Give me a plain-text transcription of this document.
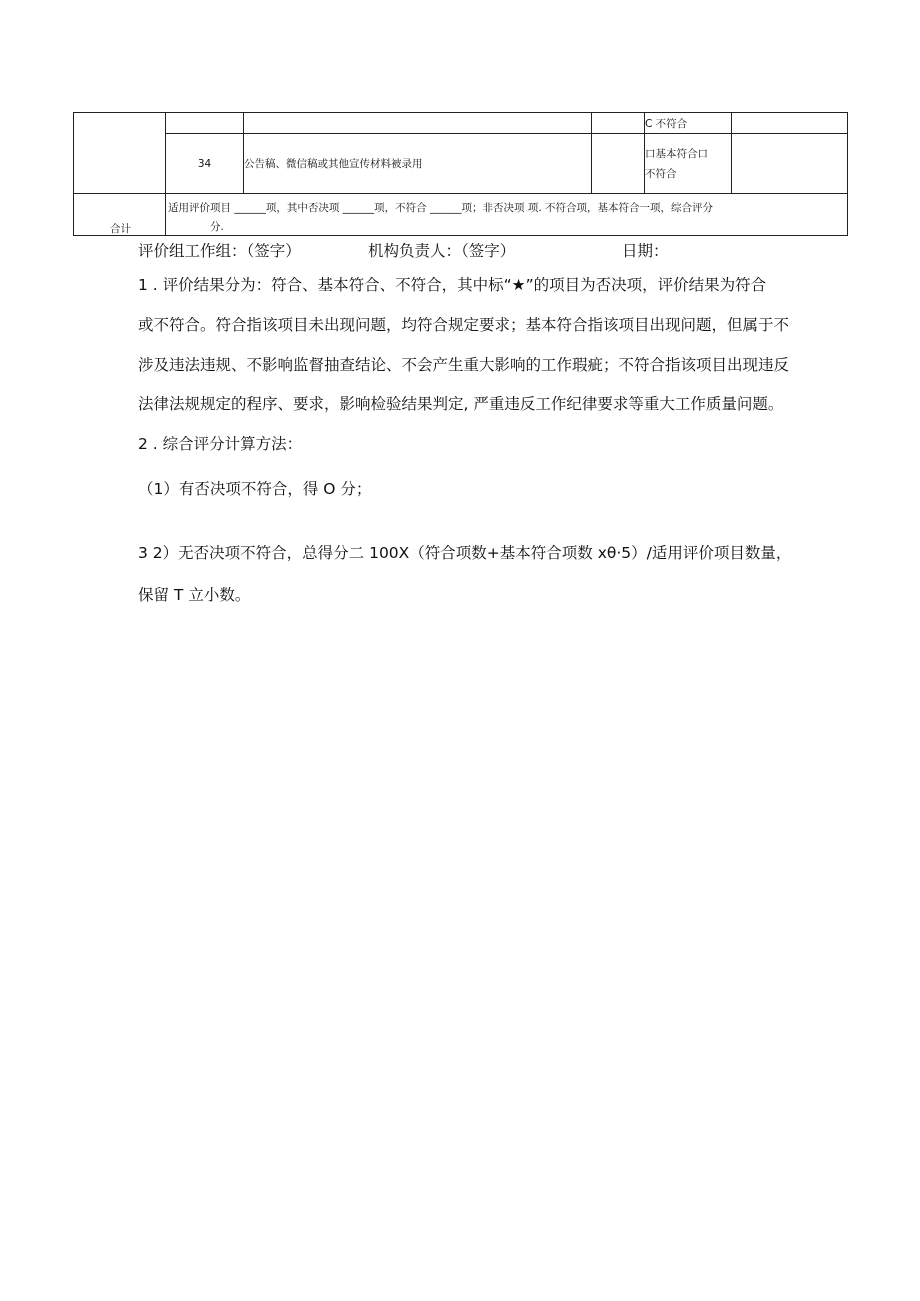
				C 不符合	
	34	公告稿、微信稿或其他宣传材料被录用		口基本符合口
不符合	

合计	适用评价项目 ______项，其中否决项 ______项，不符合 ______项；非否决项 项. 不符合项，基本符合一项，综合评分
分.				
评价组工作组：（签字）	机构负责人：（签字）	日期：
1 . 评价结果分为：符合、基本符合、不符合，其中标“★”的项目为否决项，评价结果为符合
或不符合。符合指该项目未出现问题，均符合规定要求；基本符合指该项目出现问题，但属于不
涉及违法违规、不影响监督抽查结论、不会产生重大影响的工作瑕疵；不符合指该项目出现违反
法律法规规定的程序、要求，影响检验结果判定, 严重违反工作纪律要求等重大工作质量问题。
2 . 综合评分计算方法：
（1）有否决项不符合，得 O 分；
3 2）无否决项不符合，总得分二 100X（符合项数+基本符合项数 xθ·5）/适用评价项目数量，
保留 T 立小数。
